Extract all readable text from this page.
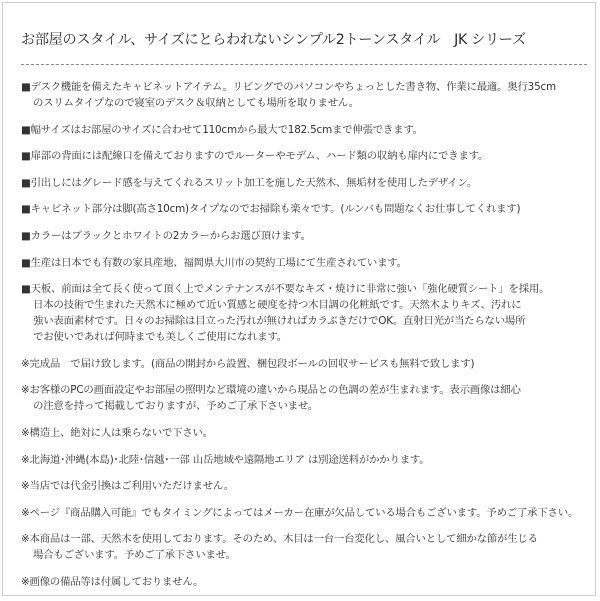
お部屋のスタイル、サイズにとらわれないシンプル2トーンスタイル　JK シリーズ
■デスク機能を備えたキャビネットアイテム。リビングでのパソコンやちょっとした書き物、作業に最適。奥行35cm
のスリムタイプなので寝室のデスク＆収納としても場所を取りません。
■幅サイズはお部屋のサイズに合わせて110cmから最大で182.5cmまで伸張できます。
■扉部の背面には配線口を備えておりますのでルーターやモデム、ハード類の収納も扉内にできます。
■引出しにはグレード感を与えてくれるスリット加工を施した天然木、無垢材を使用したデザイン。
■キャビネット部分は脚(高さ10cm)タイプなのでお掃除も楽々です。(ルンバも問題なくお仕事してくれます)
■カラーはブラックとホワイトの2カラーからお選び頂けます。
■生産は日本でも有数の家具産地、福岡県大川市の契約工場にて生産されています。
■天板、前面は全て長く使って頂く上でメンテナンスが不要なキズ・焼けに非常に強い「強化硬質シート」を採用。
日本の技術で生まれた天然木に極めて近い質感と硬度を持つ木目調の化粧紙です。天然木よりキズ、汚れに
強い表面素材です。日々のお掃除は目立った汚れが無ければカラぶきだけでOK。直射日光が当たらない場所
でお使いであれば何時までも美しくご使用になれます。
※完成品　で届け致します。(商品の開封から設置、梱包段ボールの回収サービスも無料で致します)
※お客様のPCの画面設定やお部屋の照明など環境の違いから現品との色調の差が生まれます。表示画像は細心
の注意を持って掲載しておりますが、予めご了承下さいませ。
※構造上、絶対に人は乗らないで下さい。
※北海道･沖縄(本島)･北陸･信越･一部 山岳地域や遠隔地エリア は別途送料がかかります。
※当店では代金引換はご利用いただけません。
※ページ『商品購入可能』でもタイミングによってはメーカー在庫が欠品している場合もございます。予めご了承下さい。
※本商品は一部、天然木を使用しております。そのため、木目は一台一台変化し、風合いとして細かな節が生じる
場合もございます。予めご了承下さいませ。
※画像の備品等は付属しておりません。
